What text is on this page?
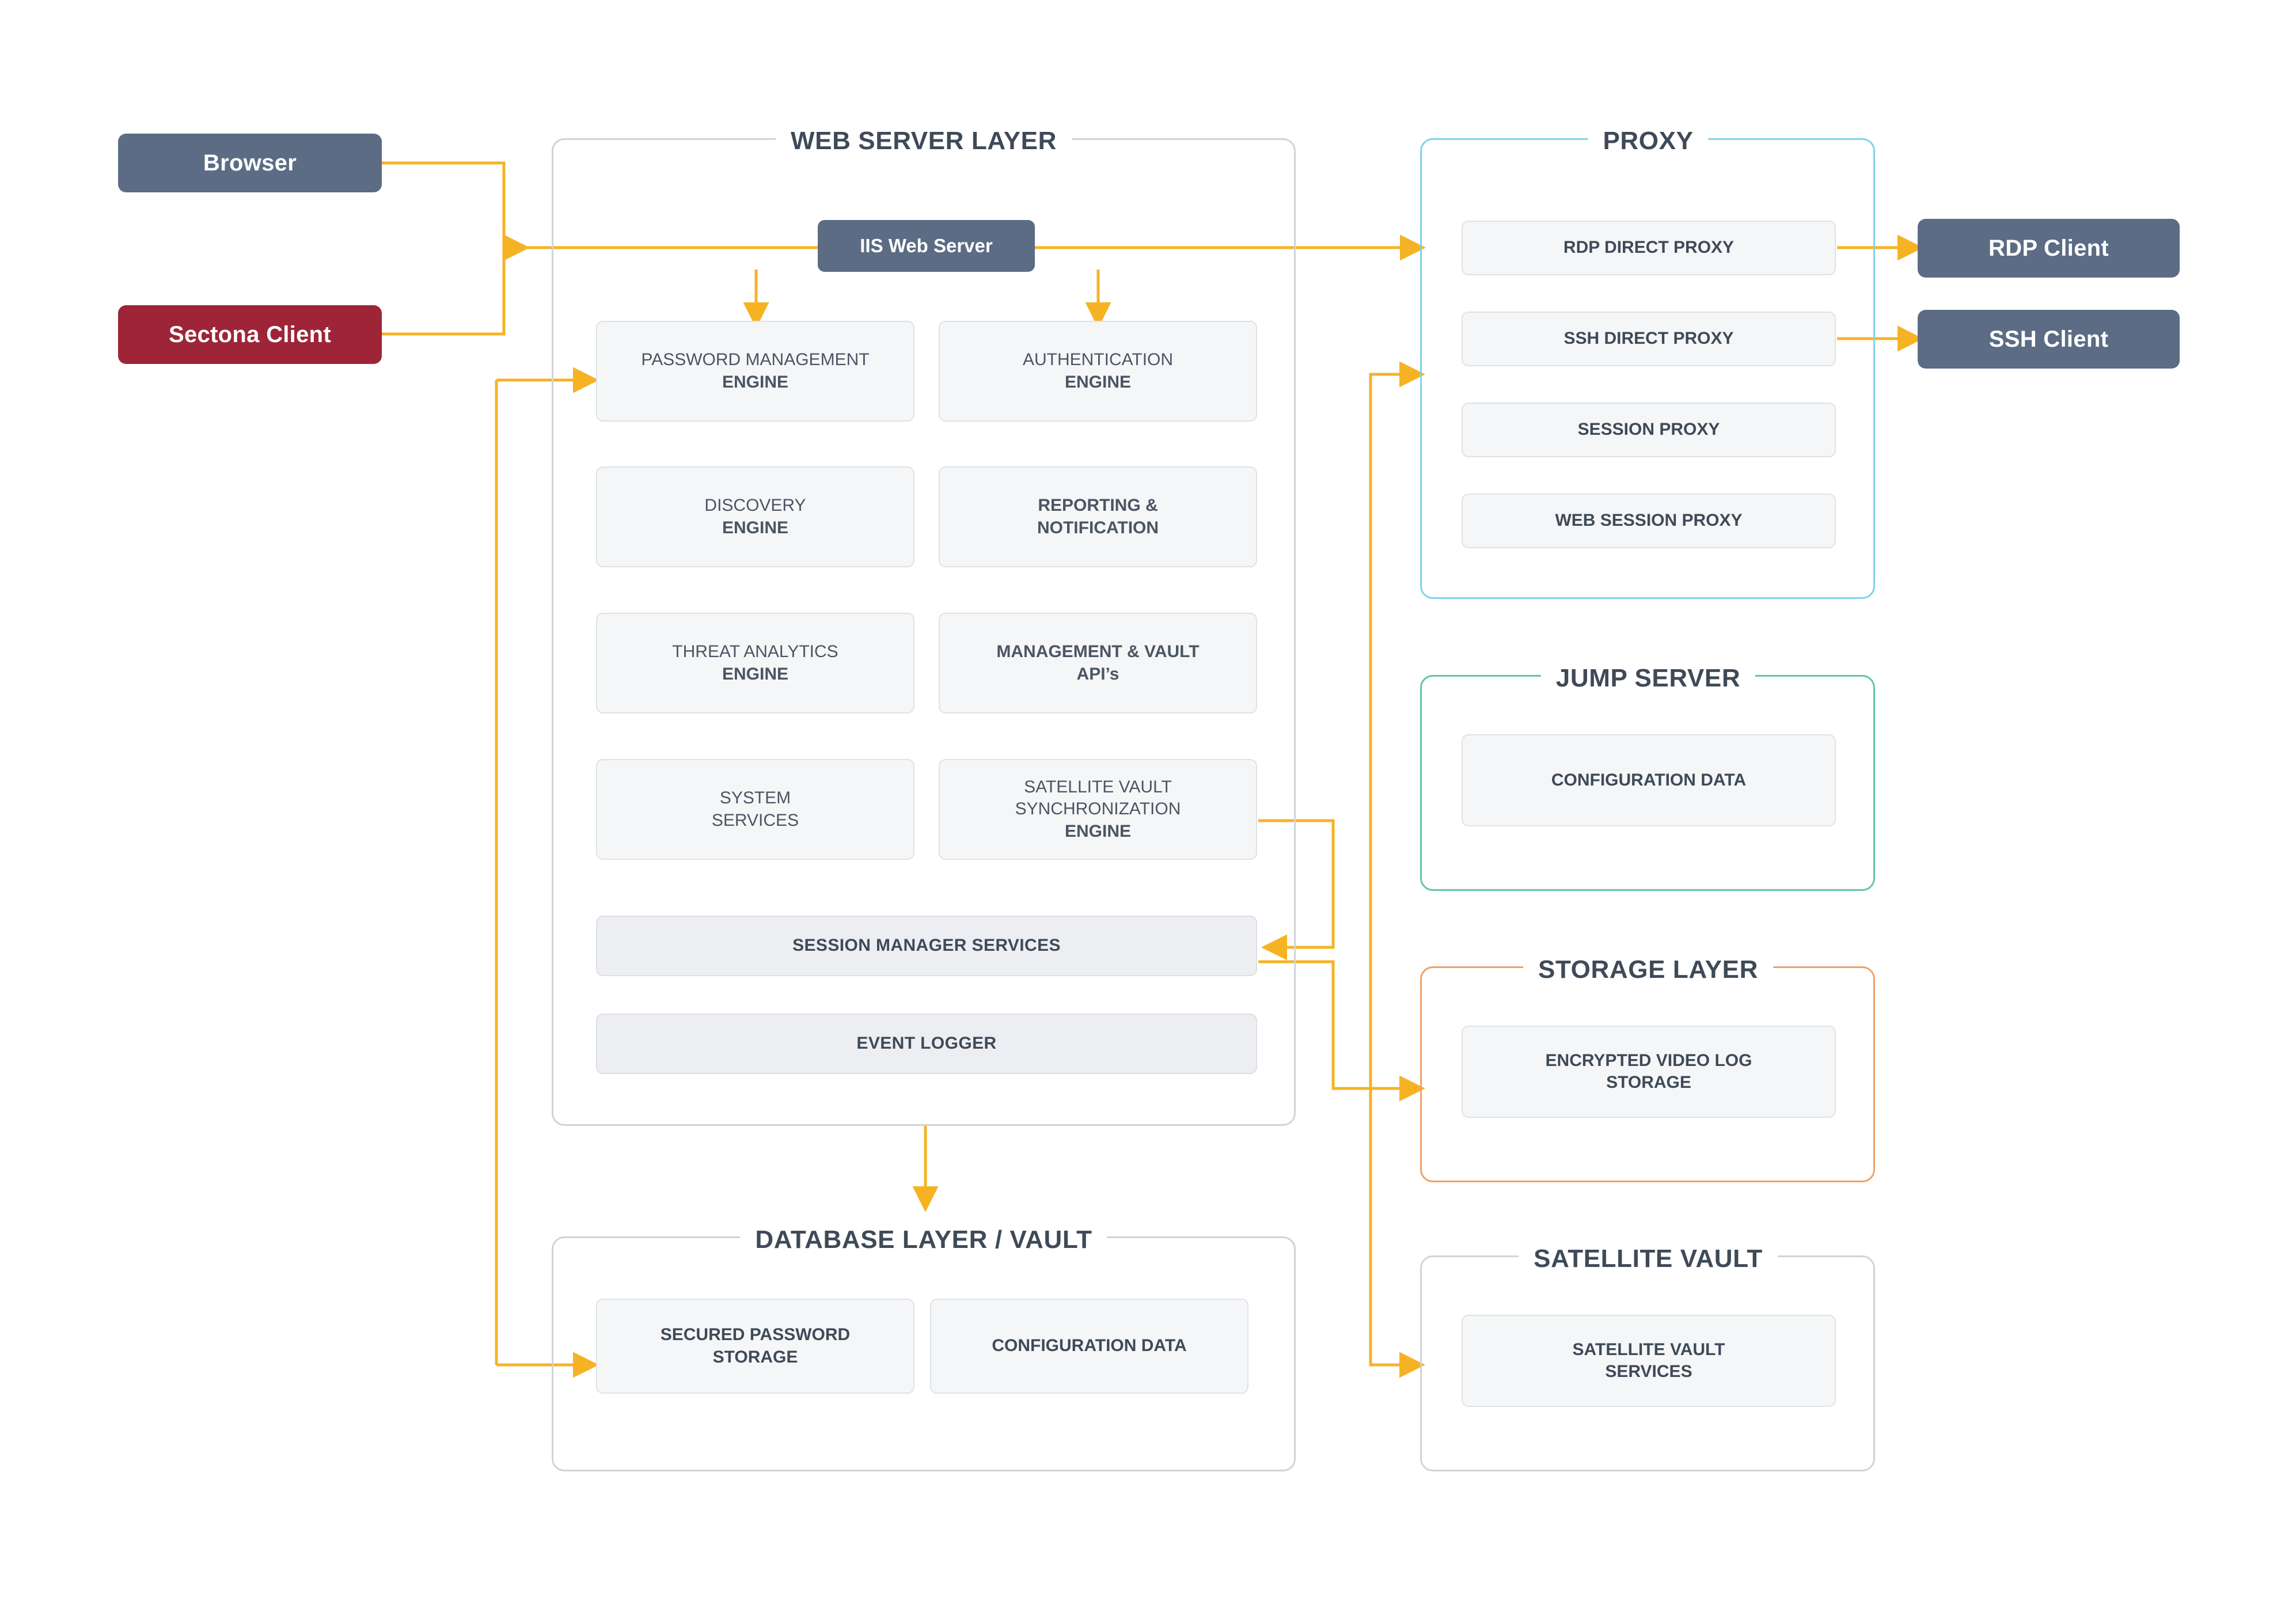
Browser
Sectona Client
RDP Client
SSH Client
WEB SERVER LAYER
IIS Web Server
PASSWORD MANAGEMENT
ENGINE
AUTHENTICATION
ENGINE
DISCOVERY
ENGINE
REPORTING &
NOTIFICATION
THREAT ANALYTICS
ENGINE
MANAGEMENT & VAULT
API’s
SYSTEM
SERVICES
SATELLITE VAULT SYNCHRONIZATION
ENGINE
SESSION MANAGER SERVICES
EVENT LOGGER
PROXY
RDP DIRECT PROXY
SSH DIRECT PROXY
SESSION PROXY
WEB SESSION PROXY
JUMP SERVER
CONFIGURATION DATA
STORAGE LAYER
ENCRYPTED VIDEO LOG
STORAGE
SATELLITE VAULT
SATELLITE VAULT
SERVICES
DATABASE LAYER / VAULT
SECURED PASSWORD
STORAGE
CONFIGURATION DATA
